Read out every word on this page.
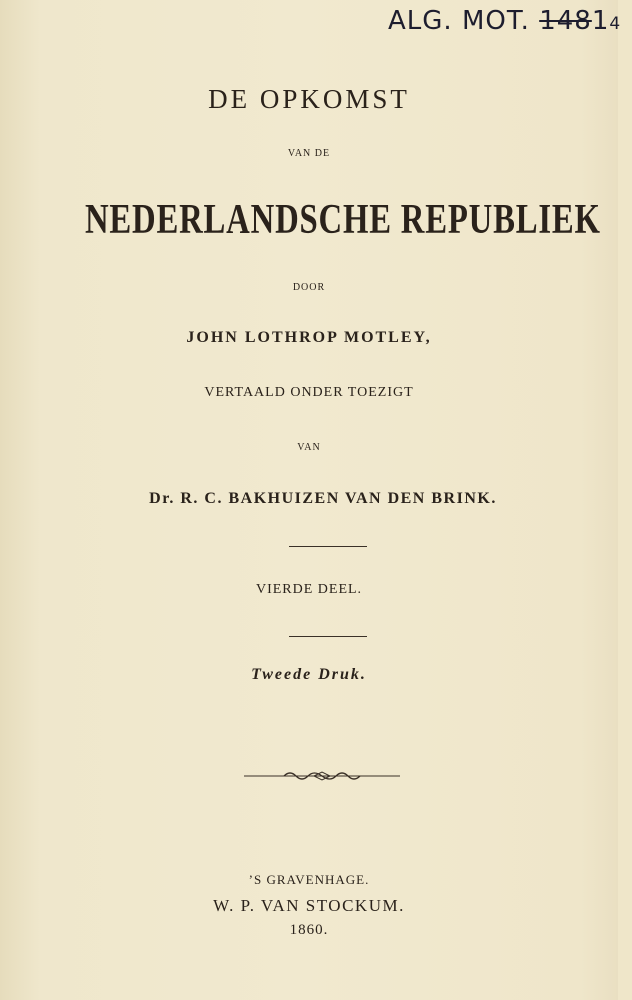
ALG. MOT. 14814
DE OPKOMST
VAN DE
NEDERLANDSCHE REPUBLIEK
DOOR
JOHN LOTHROP MOTLEY,
VERTAALD ONDER TOEZIGT
VAN
Dr. R. C. BAKHUIZEN VAN DEN BRINK.
VIERDE DEEL.
Tweede Druk.
’S GRAVENHAGE.
W. P. VAN STOCKUM.
1860.
